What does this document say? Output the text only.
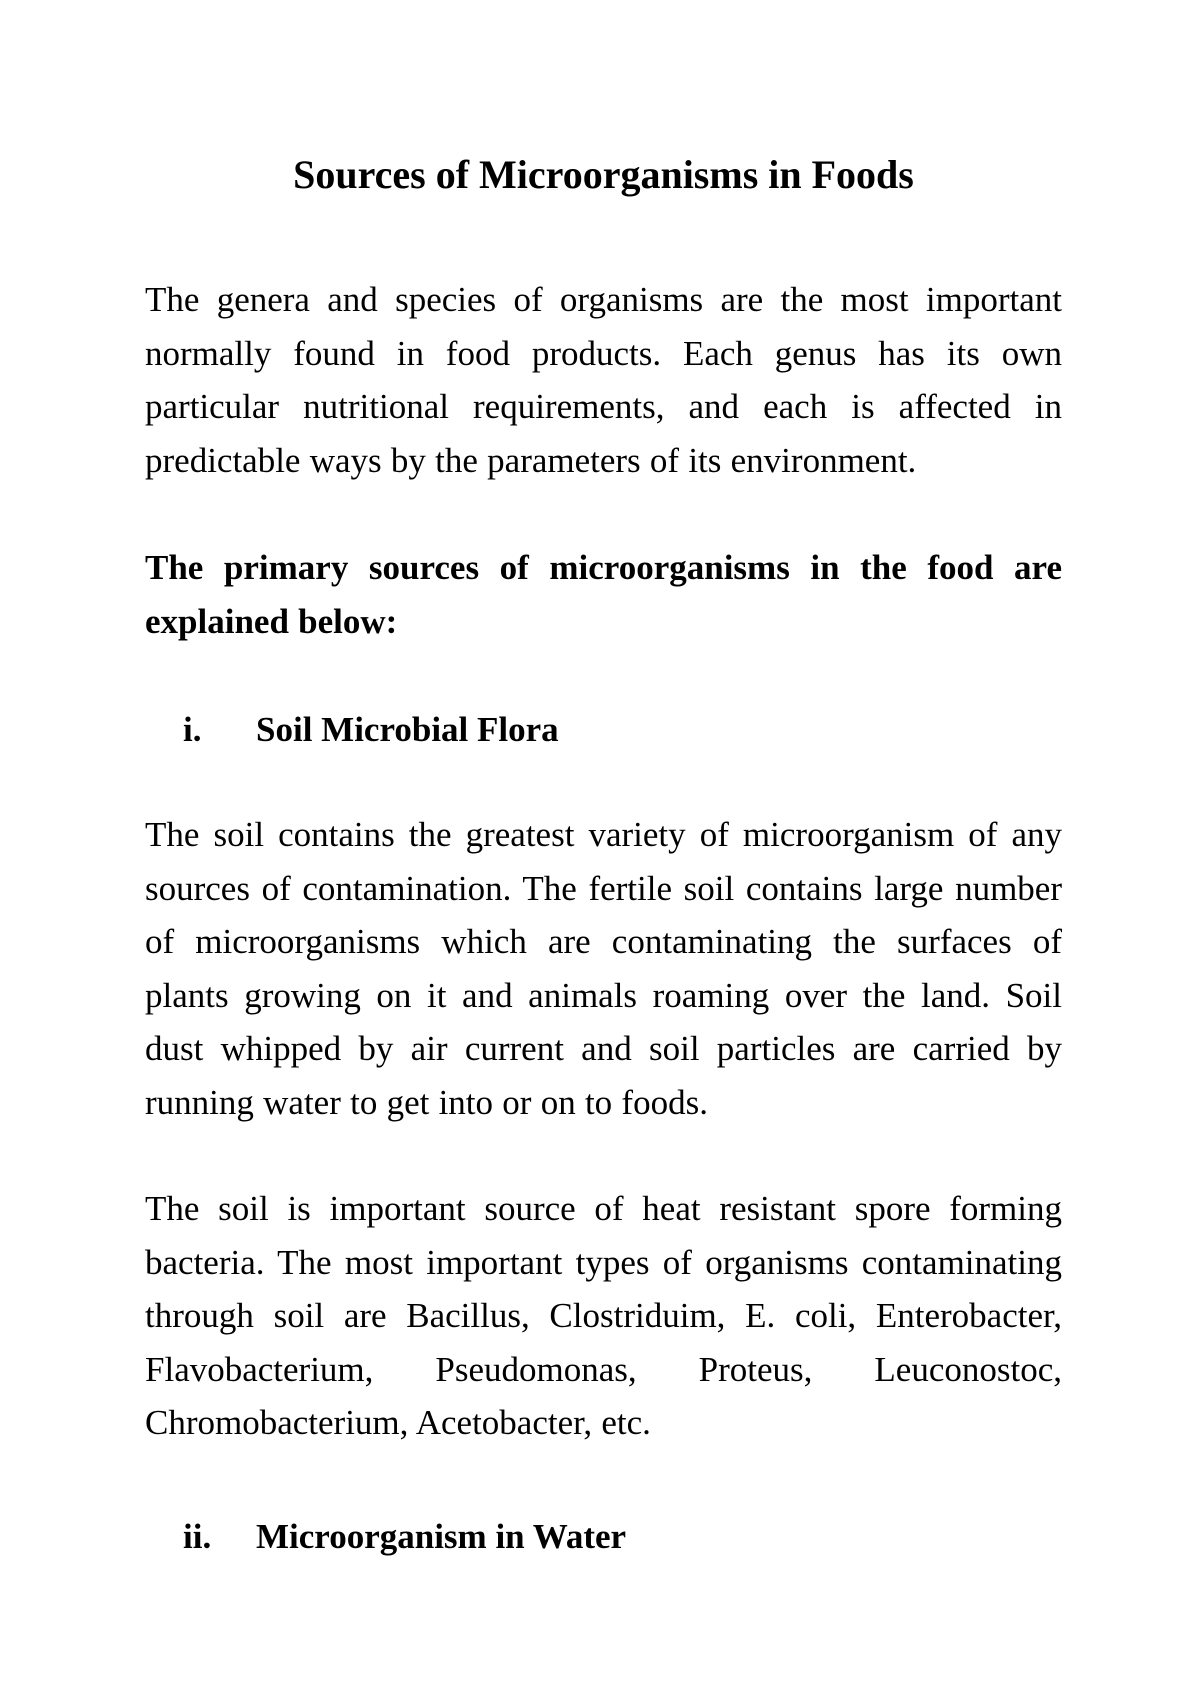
Sources of Microorganisms in Foods

The genera and species of organisms are the most important normally found in food products. Each genus has its own particular nutritional requirements, and each is affected in predictable ways by the parameters of its environment.

The primary sources of microorganisms in the food are explained below:

i. Soil Microbial Flora

The soil contains the greatest variety of microorganism of any sources of contamination. The fertile soil contains large number of microorganisms which are contaminating the surfaces of plants growing on it and animals roaming over the land. Soil dust whipped by air current and soil particles are carried by running water to get into or on to foods.

The soil is important source of heat resistant spore forming bacteria. The most important types of organisms contaminating through soil are Bacillus, Clostriduim, E. coli, Enterobacter, Flavobacterium, Pseudomonas, Proteus, Leuconostoc, Chromobacterium, Acetobacter, etc.

ii. Microorganism in Water
